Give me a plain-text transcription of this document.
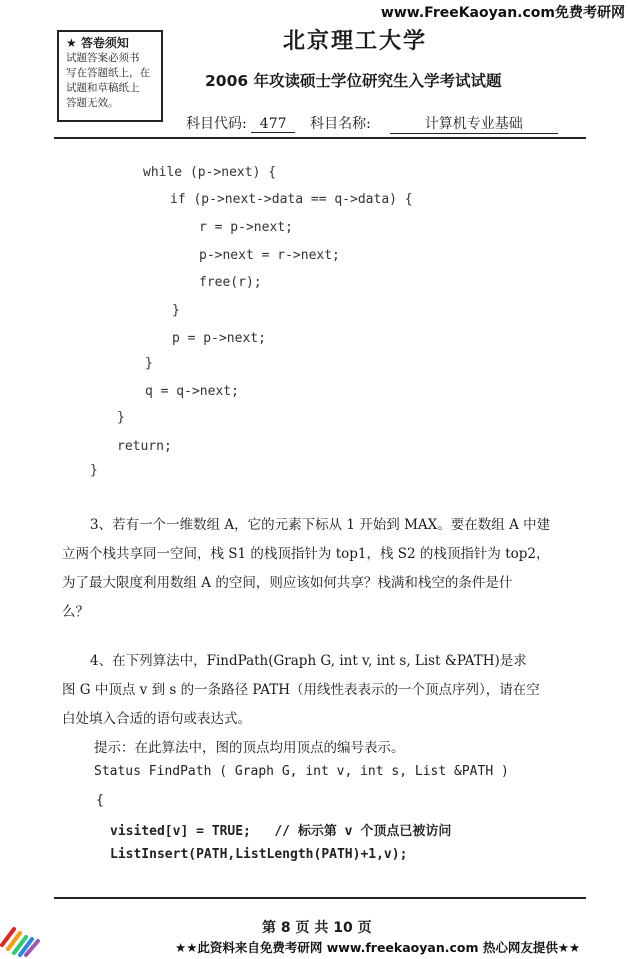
www.FreeKaoyan.com免费考研网
★ 答卷须知
试题答案必须书
写在答题纸上，在
试题和草稿纸上
答题无效。
北京理工大学
2006 年攻读硕士学位研究生入学考试试题
科目代码: 477 科目名称:	计算机专业基础
while (p->next) {
if (p->next->data == q->data) {
r = p->next;
p->next = r->next;
free(r);
}
p = p->next;
}
q = q->next;
}
return;
}
3、若有一个一维数组 A，它的元素下标从 1 开始到 MAX。要在数组 A 中建
立两个栈共享同一空间，栈 S1 的栈顶指针为 top1，栈 S2 的栈顶指针为 top2，
为了最大限度利用数组 A 的空间，则应该如何共享？栈满和栈空的条件是什
么？
4、在下列算法中，FindPath(Graph G, int v, int s, List &PATH)是求
图 G 中顶点 v 到 s 的一条路径 PATH（用线性表表示的一个顶点序列），请在空
白处填入合适的语句或表达式。
提示：在此算法中，图的顶点均用顶点的编号表示。
Status FindPath ( Graph G, int v, int s, List &PATH )
{
visited[v] = TRUE;   // 标示第 v 个顶点已被访问
ListInsert(PATH,ListLength(PATH)+1,v);
第 8 页 共 10 页
★★此资料来自免费考研网 www.freekaoyan.com 热心网友提供★★
